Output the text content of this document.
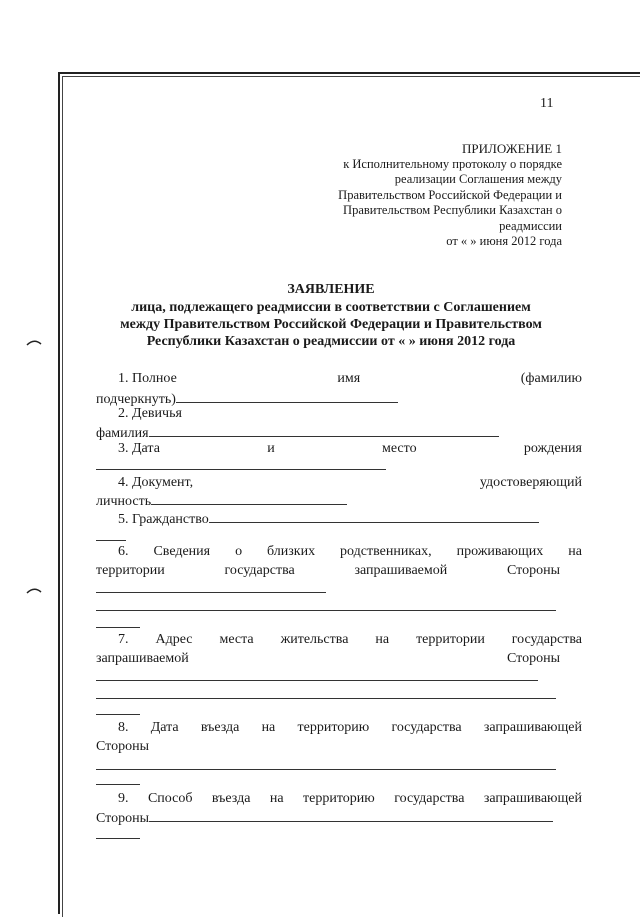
11
ПРИЛОЖЕНИЕ 1
к Исполнительному протоколу о порядке
реализации Соглашения между
Правительством Российской Федерации и
Правительством Республики Казахстан о
реадмиссии
от « » июня 2012 года
ЗАЯВЛЕНИЕ
лица, подлежащего реадмиссии в соответствии с Соглашением
между Правительством Российской Федерации и Правительством
Республики Казахстан о реадмиссии от « » июня 2012 года
1. Полное	имя	(фамилию
подчеркнуть)
2. Девичья
фамилия
3. Дата	и	место	рождения
4. Документ,	удостоверяющий
личность
5. Гражданство
6. Сведения о близких родственниках, проживающих на
территории	государства	запрашиваемой	Стороны
7. Адрес места жительства на территории государства
запрашиваемой	Стороны
8. Дата въезда на территорию государства запрашивающей
Стороны
9. Способ въезда на территорию государства запрашивающей
Стороны
